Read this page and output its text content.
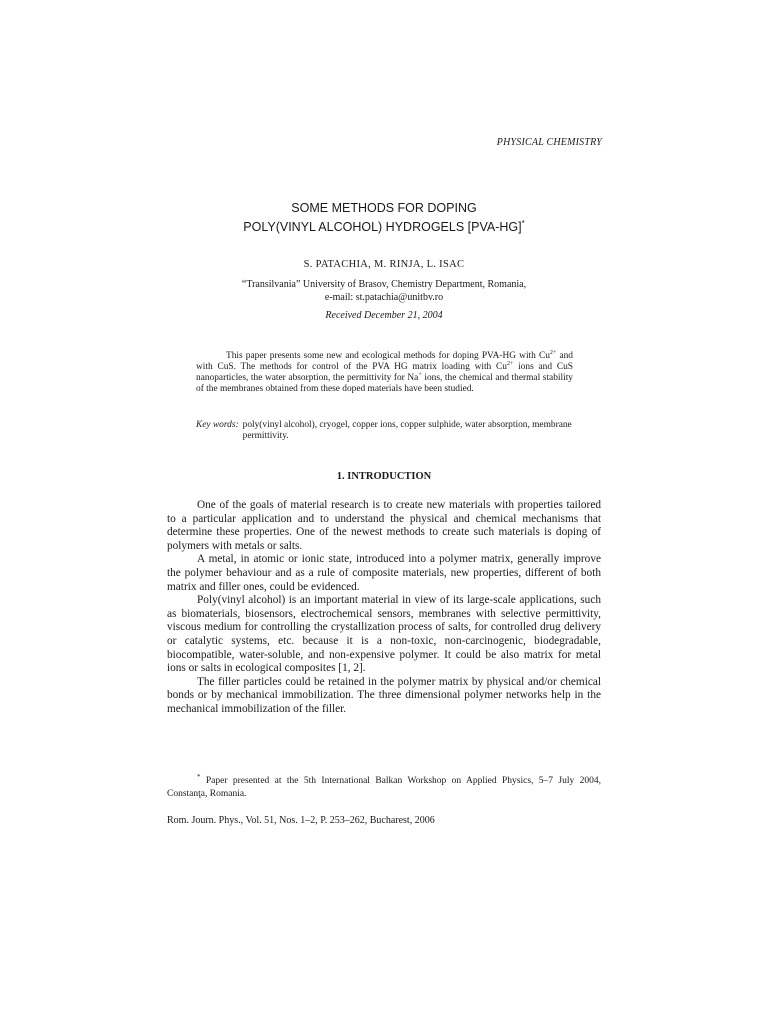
PHYSICAL CHEMISTRY
SOME METHODS FOR DOPING
POLY(VINYL ALCOHOL) HYDROGELS [PVA-HG]*
S. PATACHIA, M. RINJA, L. ISAC
“Transilvania” University of Brasov, Chemistry Department, Romania,
e-mail: st.patachia@unitbv.ro
Received December 21, 2004

This paper presents some new and ecological methods for doping PVA-HG with $Cu^{2+}$ and with CuS. The methods for control of the PVA HG matrix loading with $Cu^{2+}$ ions and CuS nanoparticles, the water absorption, the permittivity for Na+ ions, the chemical and thermal stability of the membranes obtained from these doped materials have been studied.

Key words: poly(vinyl alcohol), cryogel, copper ions, copper sulphide, water absorption, membrane permittivity.
1. INTRODUCTION

One of the goals of material research is to create new materials with properties tailored to a particular application and to understand the physical and chemical mechanisms that determine these properties. One of the newest methods to create such materials is doping of polymers with metals or salts.

A metal, in atomic or ionic state, introduced into a polymer matrix, generally improve the polymer behaviour and as a rule of composite materials, new properties, different of both matrix and filler ones, could be evidenced.

Poly(vinyl alcohol) is an important material in view of its large-scale applications, such as biomaterials, biosensors, electrochemical sensors, membranes with selective permittivity, viscous medium for controlling the crystallization process of salts, for controlled drug delivery or catalytic systems, etc. because it is a non-toxic, non-carcinogenic, biodegradable, biocompatible, water-soluble, and non-expensive polymer. It could be also matrix for metal ions or salts in ecological composites [1, 2].

The filler particles could be retained in the polymer matrix by physical and/or chemical bonds or by mechanical immobilization. The three dimensional polymer networks help in the mechanical immobilization of the filler.

* Paper presented at the 5th International Balkan Workshop on Applied Physics, 5–7 July 2004, Constanţa, Romania.

Rom. Journ. Phys., Vol. 51, Nos. 1–2, P. 253–262, Bucharest, 2006
